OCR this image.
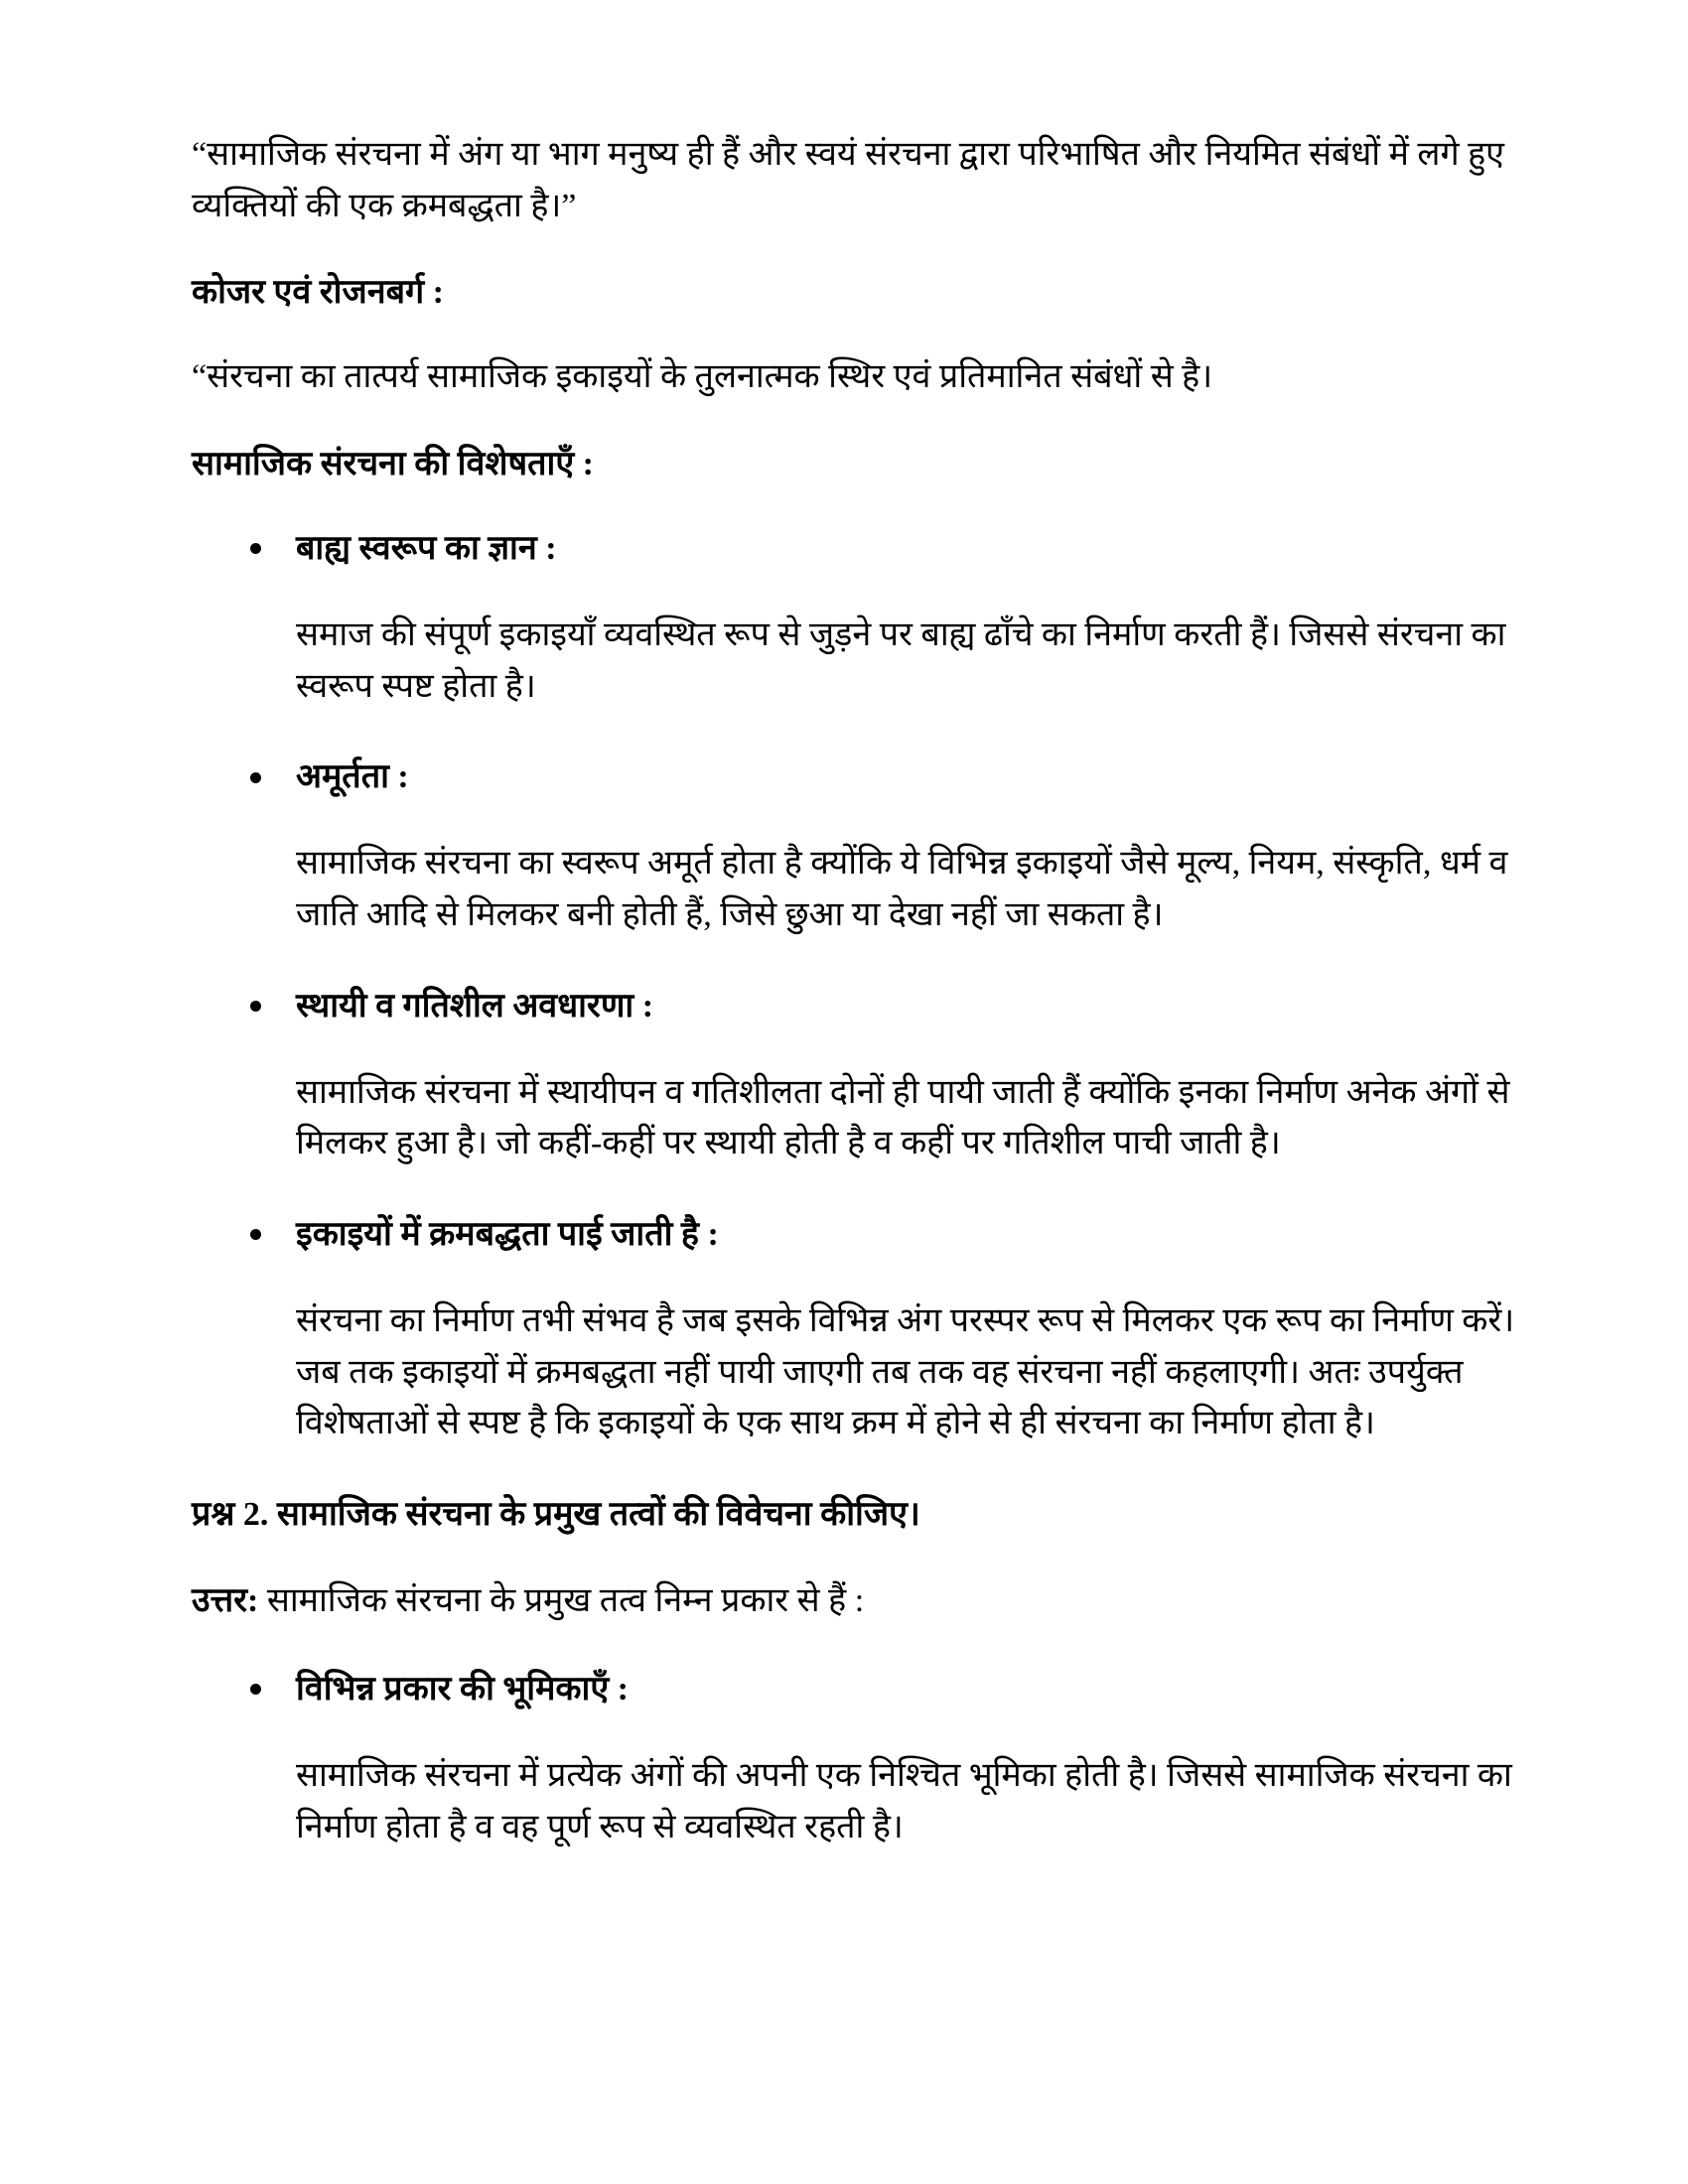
“सामाजिक संरचना में अंग या भाग मनुष्य ही हैं और स्वयं संरचना द्वारा परिभाषित और नियमित संबंधों में लगे हुए व्यक्तियों की एक क्रमबद्धता है।”

कोजर एवं रोजनबर्ग :

“संरचना का तात्पर्य सामाजिक इकाइयों के तुलनात्मक स्थिर एवं प्रतिमानित संबंधों से है।

सामाजिक संरचना की विशेषताएँ :

बाह्य स्वरूप का ज्ञान :

समाज की संपूर्ण इकाइयाँ व्यवस्थित रूप से जुड़ने पर बाह्य ढाँचे का निर्माण करती हैं। जिससे संरचना का स्वरूप स्पष्ट होता है।

अमूर्तता :

सामाजिक संरचना का स्वरूप अमूर्त होता है क्योंकि ये विभिन्न इकाइयों जैसे मूल्य, नियम, संस्कृति, धर्म व जाति आदि से मिलकर बनी होती हैं, जिसे छुआ या देखा नहीं जा सकता है।

स्थायी व गतिशील अवधारणा :

सामाजिक संरचना में स्थायीपन व गतिशीलता दोनों ही पायी जाती हैं क्योंकि इनका निर्माण अनेक अंगों से मिलकर हुआ है। जो कहीं-कहीं पर स्थायी होती है व कहीं पर गतिशील पाची जाती है।

इकाइयों में क्रमबद्धता पाई जाती है :

संरचना का निर्माण तभी संभव है जब इसके विभिन्न अंग परस्पर रूप से मिलकर एक रूप का निर्माण करें। जब तक इकाइयों में क्रमबद्धता नहीं पायी जाएगी तब तक वह संरचना नहीं कहलाएगी। अतः उपर्युक्त विशेषताओं से स्पष्ट है कि इकाइयों के एक साथ क्रम में होने से ही संरचना का निर्माण होता है।

प्रश्न 2. सामाजिक संरचना के प्रमुख तत्वों की विवेचना कीजिए।

उत्तर: सामाजिक संरचना के प्रमुख तत्व निम्न प्रकार से हैं :

विभिन्न प्रकार की भूमिकाएँ :

सामाजिक संरचना में प्रत्येक अंगों की अपनी एक निश्चित भूमिका होती है। जिससे सामाजिक संरचना का निर्माण होता है व वह पूर्ण रूप से व्यवस्थित रहती है।
